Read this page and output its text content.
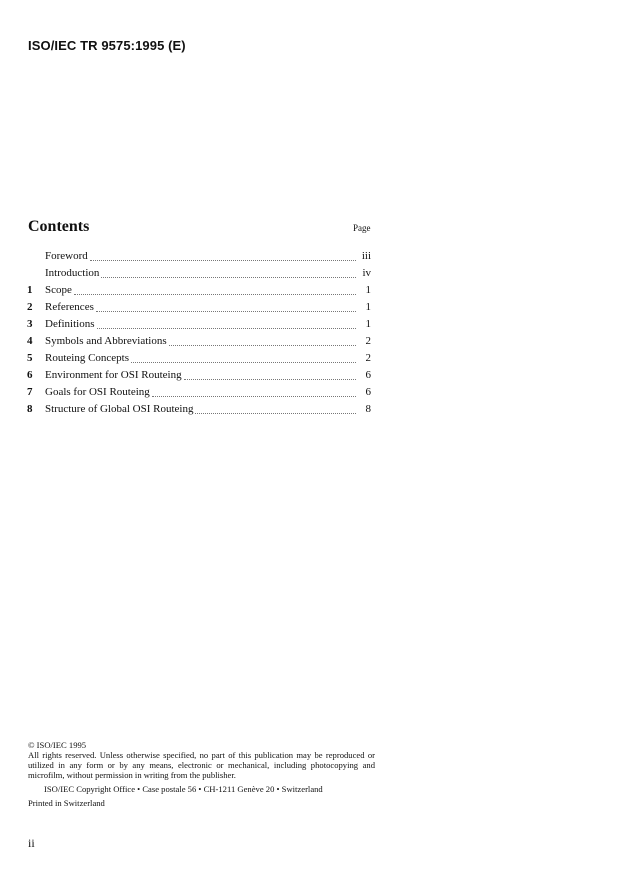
ISO/IEC TR 9575:1995 (E)
Contents	Page
Foreword	iii
Introduction	iv
1	Scope	1
2	References	1
3	Definitions	1
4	Symbols and Abbreviations	2
5	Routeing Concepts	2
6	Environment for OSI Routeing	6
7	Goals for OSI Routeing	6
8	Structure of Global OSI Routeing	8

© ISO/IEC 1995

All rights reserved. Unless otherwise specified, no part of this publication may be reproduced or utilized in any form or by any means, electronic or mechanical, including photocopying and microfilm, without permission in writing from the publisher.

ISO/IEC Copyright Office • Case postale 56 • CH-1211 Genève 20 • Switzerland

Printed in Switzerland

ii
